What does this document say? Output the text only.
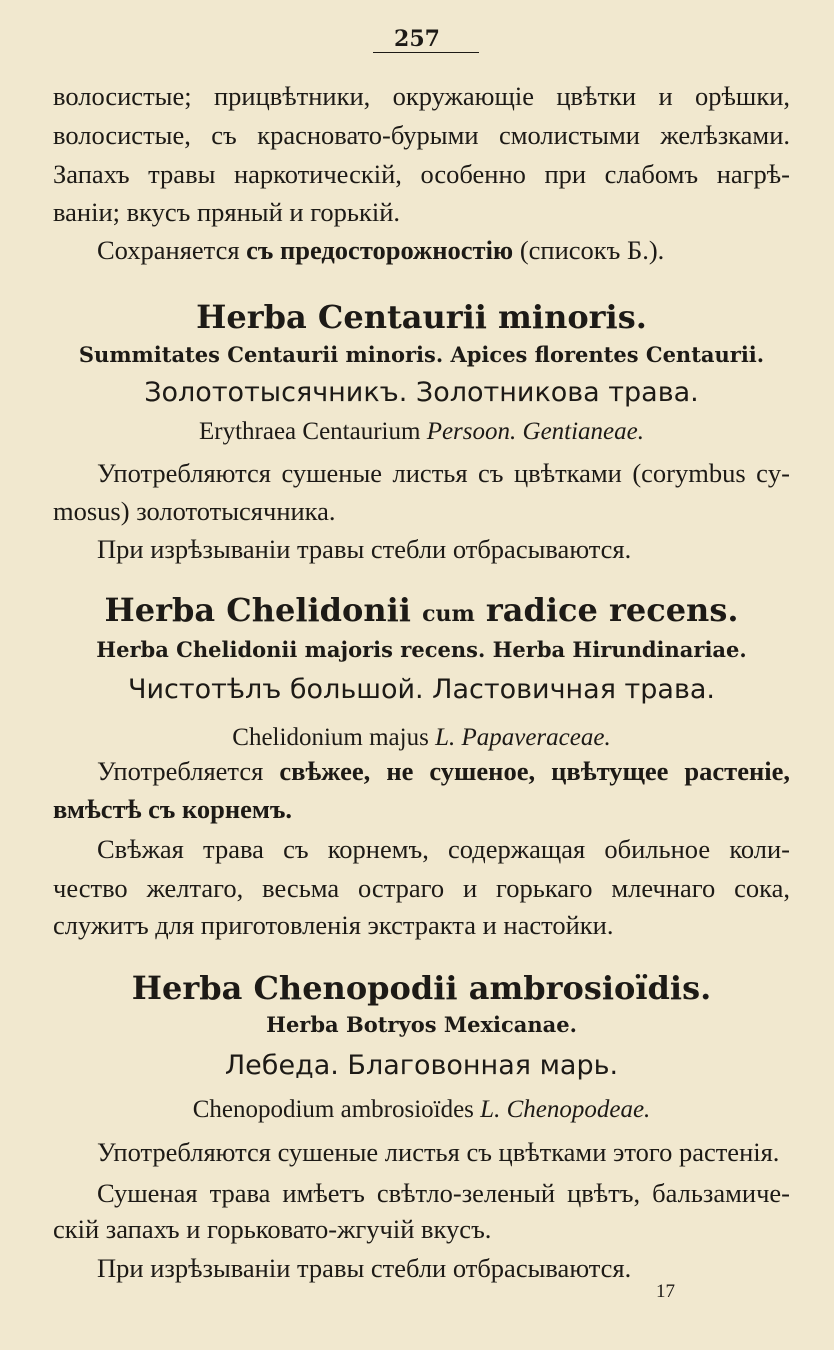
257
волосистые; прицвѣтники, окружающіе цвѣтки и орѣшки,
волосистые, съ красновато-бурыми смолистыми желѣзками.
Запахъ травы наркотическій, особенно при слабомъ нагрѣ-
ваніи; вкусъ пряный и горькій.
Сохраняется съ предосторожностію (списокъ Б.).
Herba Centaurii minoris.
Summitates Centaurii minoris. Apices florentes Centaurii.
Золототысячникъ. Золотникова трава.
Erythraea Centaurium Persoon. Gentianeae.
Употребляются сушеные листья съ цвѣтками (corymbus cy-
mosus) золототысячника.
При изрѣзываніи травы стебли отбрасываются.
Herba Chelidonii cum radice recens.
Herba Chelidonii majoris recens. Herba Hirundinariae.
Чистотѣлъ большой. Ластовичная трава.
Chelidonium majus L. Papaveraceae.
Употребляется свѣжее, не сушеное, цвѣтущее растеніе,
вмѣстѣ съ корнемъ.
Свѣжая трава съ корнемъ, содержащая обильное коли-
чество желтаго, весьма остраго и горькаго млечнаго сока,
служитъ для приготовленія экстракта и настойки.
Herba Chenopodii ambrosioïdis.
Herba Botryos Mexicanae.
Лебеда. Благовонная марь.
Chenopodium ambrosioïdes L. Chenopodeae.
Употребляются сушеные листья съ цвѣтками этого растенія.
Сушеная трава имѣетъ свѣтло-зеленый цвѣтъ, бальзамиче-
скій запахъ и горьковато-жгучій вкусъ.
При изрѣзываніи травы стебли отбрасываются.
17
